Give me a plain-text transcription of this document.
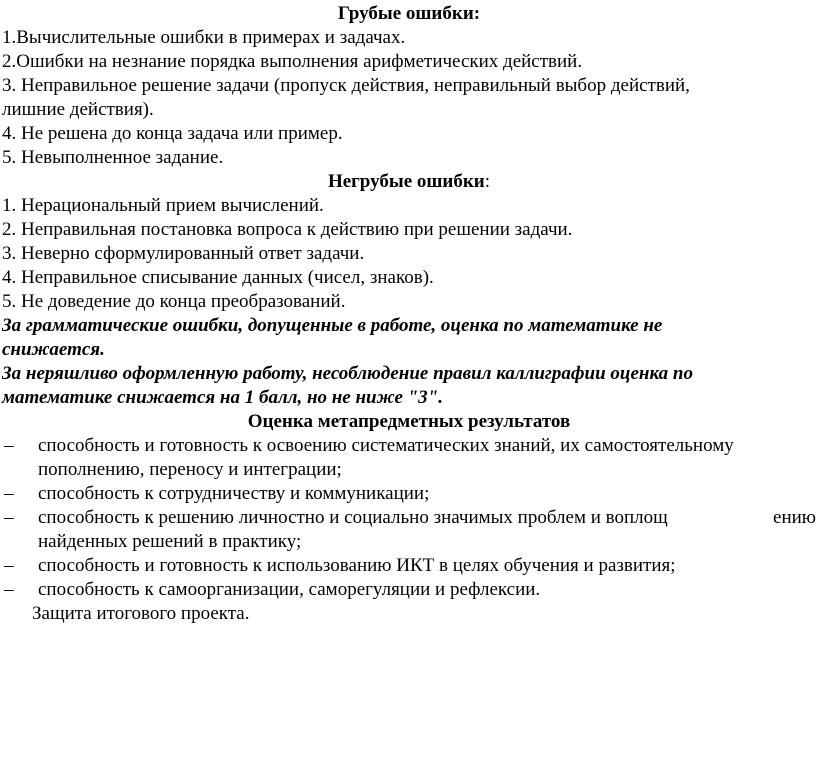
Грубые ошибки:

1.Вычислительные ошибки в примерах и задачах.

2.Ошибки на незнание порядка выполнения арифметических действий.

3. Неправильное решение задачи (пропуск действия, неправильный выбор действий,

лишние действия).

4. Не решена до конца задача или пример.

5. Невыполненное задание.

Негрубые ошибки:

1. Нерациональный прием вычислений.

2. Неправильная постановка вопроса к действию при решении задачи.

3. Неверно сформулированный ответ задачи.

4. Неправильное списывание данных (чисел, знаков).

5. Не доведение до конца преобразований.

За грамматические ошибки, допущенные в работе, оценка по математике не

снижается.

За неряшливо оформленную работу, несоблюдение правил каллиграфии оценка по

математике снижается на 1 балл, но не ниже "3".

Оценка метапредметных результатов

– способность и готовность к освоению систематических знаний, их самостоятельному
пополнению, переносу и интеграции;
– способность к сотрудничеству и коммуникации;
– способность к решению личностно и социально значимых проблем и воплощ	ению
найденных решений в практику;
– способность и готовность к использованию ИКТ в целях обучения и развития;
– способность к самоорганизации, саморегуляции и рефлексии.

Защита итогового проекта.
